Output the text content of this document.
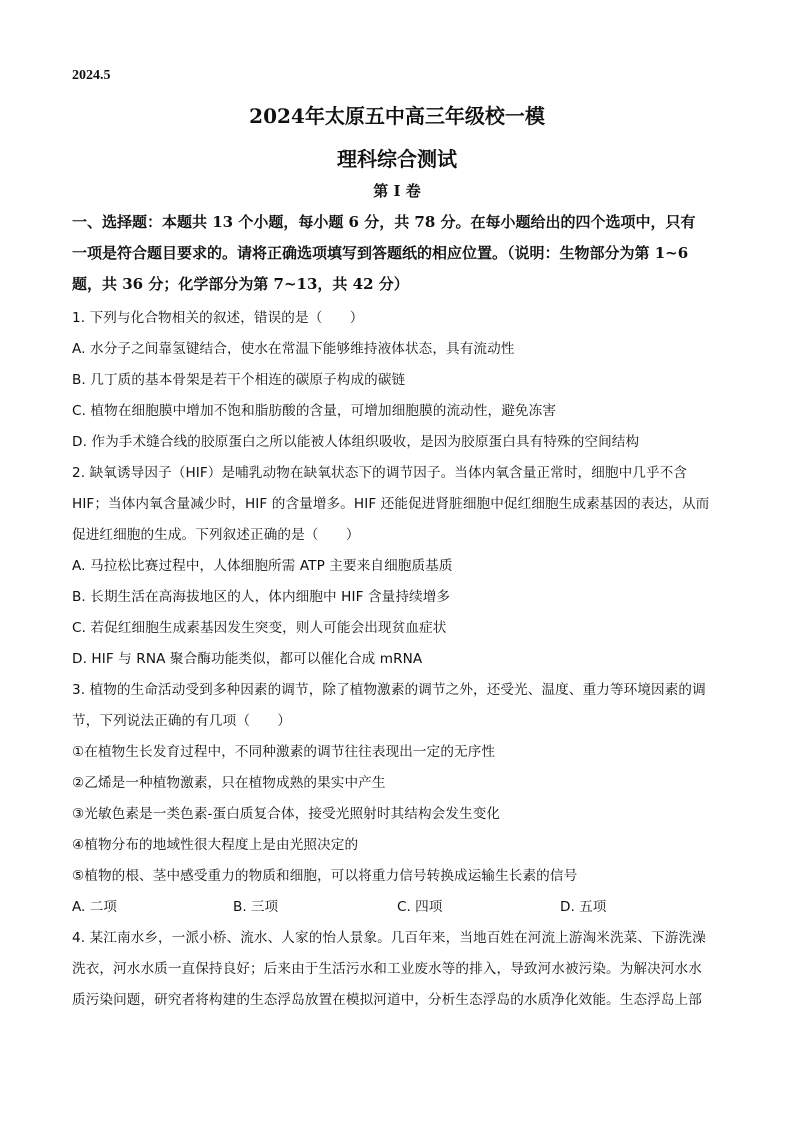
2024.5
2024年太原五中高三年级校一模
理科综合测试
第 I 卷
一、选择题：本题共 13 个小题，每小题 6 分，共 78 分。在每小题给出的四个选项中，只有
一项是符合题目要求的。请将正确选项填写到答题纸的相应位置。（说明：生物部分为第 1~6
题，共 36 分；化学部分为第 7~13，共 42 分）
1. 下列与化合物相关的叙述，错误的是（　　）
A. 水分子之间靠氢键结合，使水在常温下能够维持液体状态，具有流动性
B. 几丁质的基本骨架是若干个相连的碳原子构成的碳链
C. 植物在细胞膜中增加不饱和脂肪酸的含量，可增加细胞膜的流动性，避免冻害
D. 作为手术缝合线的胶原蛋白之所以能被人体组织吸收，是因为胶原蛋白具有特殊的空间结构
2. 缺氧诱导因子（HIF）是哺乳动物在缺氧状态下的调节因子。当体内氧含量正常时，细胞中几乎不含
HIF；当体内氧含量减少时，HIF 的含量增多。HIF 还能促进肾脏细胞中促红细胞生成素基因的表达，从而
促进红细胞的生成。下列叙述正确的是（　　）
A. 马拉松比赛过程中，人体细胞所需 ATP 主要来自细胞质基质
B. 长期生活在高海拔地区的人，体内细胞中 HIF 含量持续增多
C. 若促红细胞生成素基因发生突变，则人可能会出现贫血症状
D. HIF 与 RNA 聚合酶功能类似，都可以催化合成 mRNA
3. 植物的生命活动受到多种因素的调节，除了植物激素的调节之外，还受光、温度、重力等环境因素的调
节，下列说法正确的有几项（　　）
①在植物生长发育过程中，不同种激素的调节往往表现出一定的无序性
②乙烯是一种植物激素，只在植物成熟的果实中产生
③光敏色素是一类色素-蛋白质复合体，接受光照射时其结构会发生变化
④植物分布的地域性很大程度上是由光照决定的
⑤植物的根、茎中感受重力的物质和细胞，可以将重力信号转换成运输生长素的信号
A. 二项	B. 三项	C. 四项	D. 五项
4. 某江南水乡，一派小桥、流水、人家的怡人景象。几百年来，当地百姓在河流上游淘米洗菜、下游洗澡
洗衣，河水水质一直保持良好；后来由于生活污水和工业废水等的排入，导致河水被污染。为解决河水水
质污染问题，研究者将构建的生态浮岛放置在模拟河道中，分析生态浮岛的水质净化效能。生态浮岛上部
